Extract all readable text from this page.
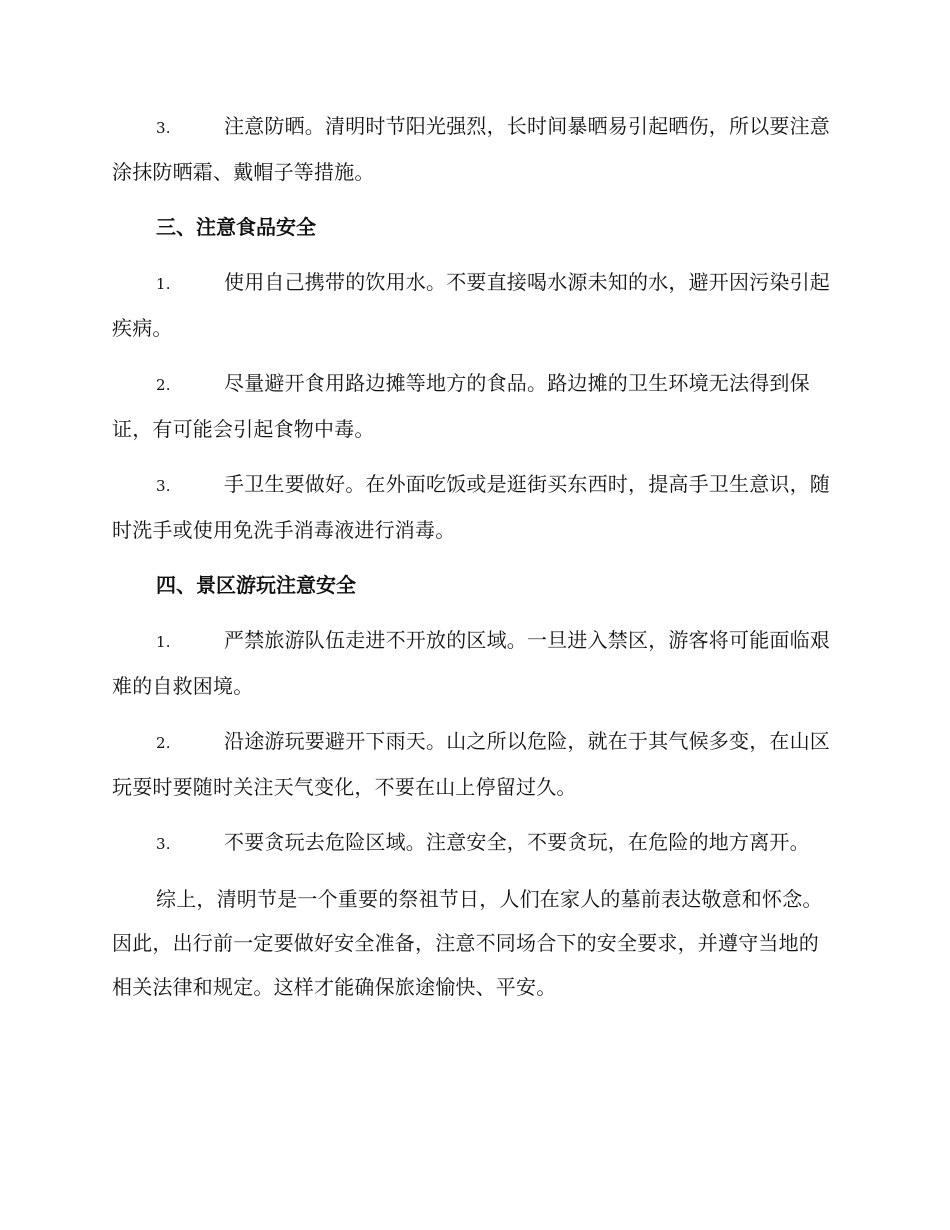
3.	注意防晒。清明时节阳光强烈，长时间暴晒易引起晒伤，所以要注意涂抹防晒霜、戴帽子等措施。

三、注意食品安全

1.	使用自己携带的饮用水。不要直接喝水源未知的水，避开因污染引起疾病。

2.	尽量避开食用路边摊等地方的食品。路边摊的卫生环境无法得到保证，有可能会引起食物中毒。

3.	手卫生要做好。在外面吃饭或是逛街买东西时，提高手卫生意识，随时洗手或使用免洗手消毒液进行消毒。

四、景区游玩注意安全

1.	严禁旅游队伍走进不开放的区域。一旦进入禁区，游客将可能面临艰难的自救困境。

2.	沿途游玩要避开下雨天。山之所以危险，就在于其气候多变，在山区玩耍时要随时关注天气变化，不要在山上停留过久。

3.	不要贪玩去危险区域。注意安全，不要贪玩，在危险的地方离开。

综上，清明节是一个重要的祭祖节日，人们在家人的墓前表达敬意和怀念。因此，出行前一定要做好安全准备，注意不同场合下的安全要求，并遵守当地的相关法律和规定。这样才能确保旅途愉快、平安。
